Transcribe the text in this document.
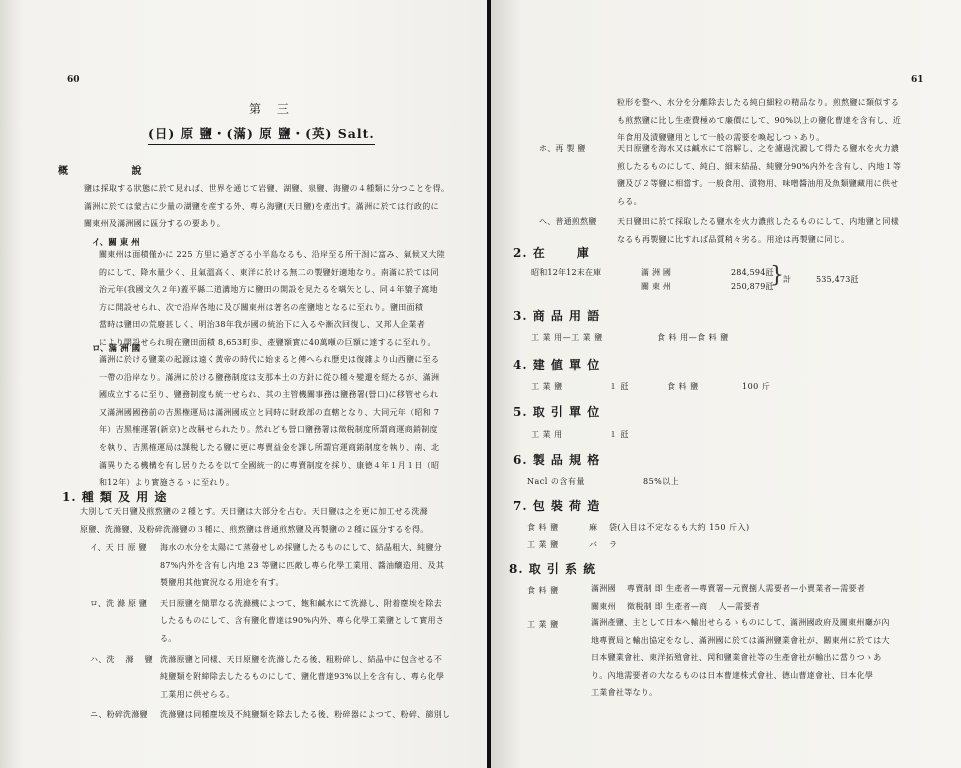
60
第 三
(日) 原 鹽・(滿) 原 鹽・(英) Salt.
概 說
鹽は採取する狀態に於て見れば、世界を通じて岩鹽、湖鹽、泉鹽、海鹽の４種類に分つことを得。
滿洲に於ては蒙古に少量の湖鹽を産する外、專ら海鹽(天日鹽)を產出す。滿洲に於ては行政的に
關東州及滿洲國に區分するの要あり。
イ、關 東 州
關東州は面積僅かに 225 方里に過ぎざる小半島なるも、沿岸至る所干潟に富み、氣候又大陸
的にして、降水量少く、且氣溫高く、東洋に於ける無二の製鹽好適地なり。南滿に於ては同
治元年(我國文久２年)蓋平縣二道溝地方に鹽田の開設を見たるを嚆矢とし、同４年貔子窩地
方に開設せられ、次で沿岸各地に及び關東州は著名の産鹽地となるに至れり。鹽田面積
當時は鹽田の荒廢甚しく、明治38年我が國の統治下に入るや漸次回復し、又邦人企業者
により開設せられ現在鹽田面積 8,653町歩、產鹽額實に40萬噸の巨額に達するに至れり。
ロ、滿 洲 國
滿洲に於ける鹽業の起源は遠く黃帝の時代に始まると傳へられ歷史は復雜より山西鹽に至る
一帶の沿岸なり。滿洲に於ける鹽務制度は支那本土の方針に從ひ種々變遷を經たるが、滿洲
國成立するに至り、鹽務制度も統一せられ、其の主管機關事務は鹽務署(營口)に移管せられ
又滿洲國國務前の吉黑権運局は滿洲國成立と同時に財政部の直轄となり、大同元年（昭和 7
年）吉黑榷運署(新京)と改稱せられたり。然れども營口鹽務署は徵税制度所謂商運商銷制度
を執り、吉黑榷運局は課税したる鹽に更に專賣益金を課し所謂官運商銷制度を執り、南、北
滿異りたる機構を有し居りたるを以て全國統一的に專賣制度を採り、康德４年１月１日（昭
和12年）より實施さるゝに至れり。
1. 種 類 及 用 途
大別して天日鹽及煎熬鹽の２種とす。天日鹽は大部分を占む。天日鹽は之を更に加工せる洗滌
原鹽、洗滌鹽、及粉碎洗滌鹽の３種に、煎熬鹽は普通煎熬鹽及再製鹽の２種に區分するを得。
イ、天 日 原 鹽 海水の水分を太陽にて蒸發せしめ採鹽したるものにして、結晶粗大、純鹽分
87%内外を含有し内地 23 等鹽に匹敵し專ら化學工業用、醬油釀造用、及其
製鹽用其他實況なる用途を有す。
ロ、洗 滌 原 鹽 天日原鹽を簡單なる洗滌機によつて、飽和鹹水にて洗滌し、附着塵埃を除去
したるものにして、含有鹽化曹達は90%内外、專ら化學工業鹽として實用さ
る。
ハ、洗 　滌 　鹽 洗滌原鹽と同樣、天日原鹽を洗滌したる後、粗粉碎し、結晶中に包含せる不
純鹽類を附締除去したるものにして、鹽化曹達93%以上を含有し、專ら化學
工業用に供せらる。
ニ、粉碎洗滌鹽 洗滌鹽は同種塵埃及不純鹽類を除去したる後、粉碎器によつて、粉碎、篩別し
61
粒形を整へ、水分を分離除去したる純白細粒の精品なり。煎熬鹽に類似する
も煎熬鹽に比し生產費極めて廉價にして、90%以上の鹽化曹達を含有し、近
年食用及漬鹽鹽用として一般の需要を喚起しつゝあり。
ホ、再 製 鹽	天日原鹽を海水又は鹹水にて溶解し、之を濾過沈澱して得たる鹽水を火力濃
煎したるものにして、純白、細末結晶、純鹽分90%内外を含有し、内地１等
鹽及び２等鹽に相當す。一般食用、漬物用、味噌醬油用及魚類鹽藏用に供せ
らる。
ヘ、普通煎熬鹽	天日鹽田に於て採取したる鹽水を火力濃煎したるものにして、内地鹽と同樣
なるも再製鹽に比すれば品質稍々劣る。用途は再製鹽に同じ。
2. 在 　　庫
昭和12年12末在庫	滿 洲 國	284,594瓩
關 東 州	250,879瓩
} 計	535,473瓩
3. 商 品 用 語
工 業 用—工 業 鹽	食 料 用—食 料 鹽
4. 建 値 單 位
工 業 鹽	１ 瓩	食 料 鹽	100 斤
5. 取 引 單 位
工 業 用	１ 瓩
6. 製 品 規 格
Nacl の含有量	85%以上
7. 包 裝 荷 造
食 料 鹽	麻 　袋(入目は不定なるも大約 150 斤入)
工 業 鹽	バ 　ラ
8. 取 引 系 統
食 料 鹽	滿洲國 　專賣制 即 生產者—專賣署—元賣捌人需要者—小賣業者—需要者
關東州 　徵税制 即 生產者—商 　人—需要者
工 業 鹽	滿洲產鹽、主として日本へ輸出せらるゝものにして、滿洲國政府及關東州廳が內
地專賣局と輸出協定をなし、滿洲國に於ては滿洲鹽業會社が、關東州に於ては大
日本鹽業會社、東洋拓殖會社、岡和鹽業會社等の生產會社が輸出に當りつゝあ
り。內地需要者の大なるものは日本曹達株式會社、德山曹達會社、日本化學
工業會社等なり。
